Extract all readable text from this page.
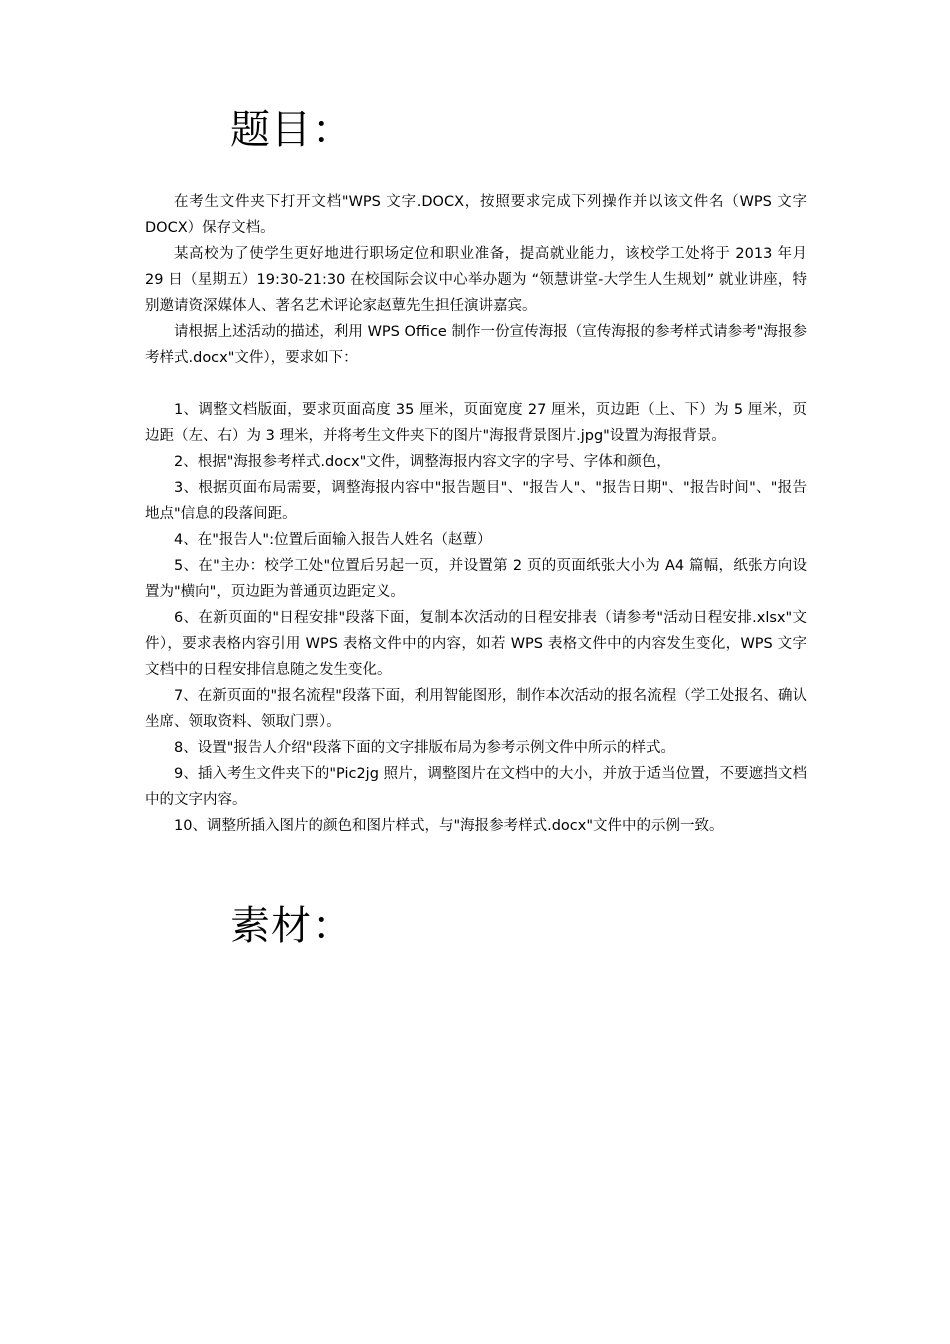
题目：

在考生文件夹下打开文档"WPS 文字.DOCX，按照要求完成下列操作并以该文件名（WPS 文字 DOCX）保存文档。

某高校为了使学生更好地进行职场定位和职业准备，提高就业能力，该校学工处将于 2013 年月 29 日（星期五）19:30-21:30 在校国际会议中心举办题为 “领慧讲堂-大学生人生规划” 就业讲座，特别邀请资深媒体人、著名艺术评论家赵蕈先生担任演讲嘉宾。

请根据上述活动的描述，利用 WPS Office 制作一份宣传海报（宣传海报的参考样式请参考"海报参考样式.docx"文件），要求如下：

1、调整文档版面，要求页面高度 35 厘米，页面宽度 27 厘米，页边距（上、下）为 5 厘米，页边距（左、右）为 3 理米，并将考生文件夹下的图片"海报背景图片.jpg"设置为海报背景。

2、根据"海报参考样式.docx"文件，调整海报内容文字的字号、字体和颜色，

3、根据页面布局需要，调整海报内容中"报告题目"、"报告人"、"报告日期"、"报告时间"、"报告地点"信息的段落间距。

4、在"报告人":位置后面输入报告人姓名（赵蕈）

5、在"主办：校学工处"位置后另起一页，并设置第 2 页的页面纸张大小为 A4 篇幅，纸张方向设置为"横向"，页边距为普通页边距定义。

6、在新页面的"日程安排"段落下面，复制本次活动的日程安排表（请参考"活动日程安排.xlsx"文件），要求表格内容引用 WPS 表格文件中的内容，如若 WPS 表格文件中的内容发生变化，WPS 文字文档中的日程安排信息随之发生变化。

7、在新页面的"报名流程"段落下面，利用智能图形，制作本次活动的报名流程（学工处报名、确认坐席、领取资料、领取门票）。

8、设置"报告人介绍"段落下面的文字排版布局为参考示例文件中所示的样式。

9、插入考生文件夹下的"Pic2jg 照片，调整图片在文档中的大小，并放于适当位置，不要遮挡文档中的文字内容。

10、调整所插入图片的颜色和图片样式，与"海报参考样式.docx"文件中的示例一致。

素材：
